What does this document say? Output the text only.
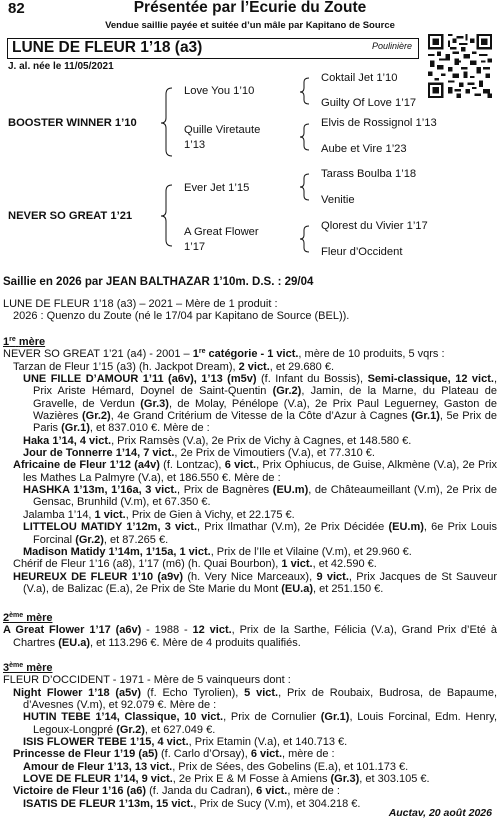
82	Présentée par l’Ecurie du Zoute
Vendue saillie payée et suitée d’un mâle par Kapitano de Source
LUNE DE FLEUR 1’18 (a3)	Poulinière
J. al. née le 11/05/2021
BOOSTER WINNER 1’10
NEVER SO GREAT 1’21
Love You 1’10
Quille Viretaute
1’13
Ever Jet 1’15
A Great Flower
1’17
Coktail Jet 1’10
Guilty Of Love 1’17
Elvis de Rossignol 1’13
Aube et Vire 1’23
Tarass Boulba 1’18
Venitie
Qlorest du Vivier 1’17
Fleur d’Occident
Saillie en 2026 par JEAN BALTHAZAR 1’10m. D.S. : 29/04
LUNE DE FLEUR 1’18 (a3) – 2021 – Mère de 1 produit :
2026 : Quenzo du Zoute (né le 17/04 par Kapitano de Source (BEL)).
1re mère
NEVER SO GREAT 1’21 (a4) - 2001 – 1re catégorie - 1 vict., mère de 10 produits, 5 vqrs :
Tarzan de Fleur 1’15 (a3) (h. Jackpot Dream), 2 vict., et 29.680 €.
UNE FILLE D’AMOUR 1’11 (a6v), 1’13 (m5v) (f. Infant du Bossis), Semi-classique, 12 vict., Prix Ariste Hémard, Doynel de Saint-Quentin (Gr.2), Jamin, de la Marne, du Plateau de Gravelle, de Verdun (Gr.3), de Molay, Pénélope (V.a), 2e Prix Paul Leguerney, Gaston de Wazières (Gr.2), 4e Grand Critérium de Vitesse de la Côte d’Azur à Cagnes (Gr.1), 5e Prix de Paris (Gr.1), et 837.010 €. Mère de :
Haka 1’14, 4 vict., Prix Ramsès (V.a), 2e Prix de Vichy à Cagnes, et 148.580 €.
Jour de Tonnerre 1’14, 7 vict., 2e Prix de Vimoutiers (V.a), et 77.310 €.
Africaine de Fleur 1’12 (a4v) (f. Lontzac), 6 vict., Prix Ophiucus, de Guise, Alkmène (V.a), 2e Prix les Mathes La Palmyre (V.a), et 186.550 €. Mère de :
HASHKA 1’13m, 1’16a, 3 vict., Prix de Bagnères (EU.m), de Châteaumeillant (V.m), 2e Prix de Gensac, Brunhild (V.m), et 67.350 €.
Jalamba 1’14, 1 vict., Prix de Gien à Vichy, et 22.175 €.
LITTELOU MATIDY 1’12m, 3 vict., Prix Ilmathar (V.m), 2e Prix Décidée (EU.m), 6e Prix Louis Forcinal (Gr.2), et 87.265 €.
Madison Matidy 1’14m, 1’15a, 1 vict., Prix de l’Ile et Vilaine (V.m), et 29.960 €.
Chérif de Fleur 1’16 (a8), 1’17 (m6) (h. Quai Bourbon), 1 vict., et 42.590 €.
HEUREUX DE FLEUR 1’10 (a9v) (h. Very Nice Marceaux), 9 vict., Prix Jacques de St Sauveur (V.a), de Balizac (E.a), 2e Prix de Ste Marie du Mont (EU.a), et 251.150 €.
2ème mère
A Great Flower 1’17 (a6v) - 1988 - 12 vict., Prix de la Sarthe, Félicia (V.a), Grand Prix d’Eté à Chartres (EU.a), et 113.296 €. Mère de 4 produits qualifiés.
3ème mère
FLEUR D’OCCIDENT - 1971 - Mère de 5 vainqueurs dont :
Night Flower 1’18 (a5v) (f. Echo Tyrolien), 5 vict., Prix de Roubaix, Budrosa, de Bapaume, d’Avesnes (V.m), et 92.079 €. Mère de :
HUTIN TEBE 1’14, Classique, 10 vict., Prix de Cornulier (Gr.1), Louis Forcinal, Edm. Henry, Legoux-Longpré (Gr.2), et 627.049 €.
ISIS FLOWER TEBE 1’15, 4 vict., Prix Etamin (V.a), et 140.713 €.
Princesse de Fleur 1’19 (a5) (f. Carlo d’Orsay), 6 vict., mère de :
Amour de Fleur 1’13, 13 vict., Prix de Sées, des Gobelins (E.a), et 101.173 €.
LOVE DE FLEUR 1’14, 9 vict., 2e Prix E & M Fosse à Amiens (Gr.3), et 303.105 €.
Victoire de Fleur 1’16 (a6) (f. Janda du Cadran), 6 vict., mère de :
ISATIS DE FLEUR 1’13m, 15 vict., Prix de Sucy (V.m), et 304.218 €.
Auctav, 20 août 2026
